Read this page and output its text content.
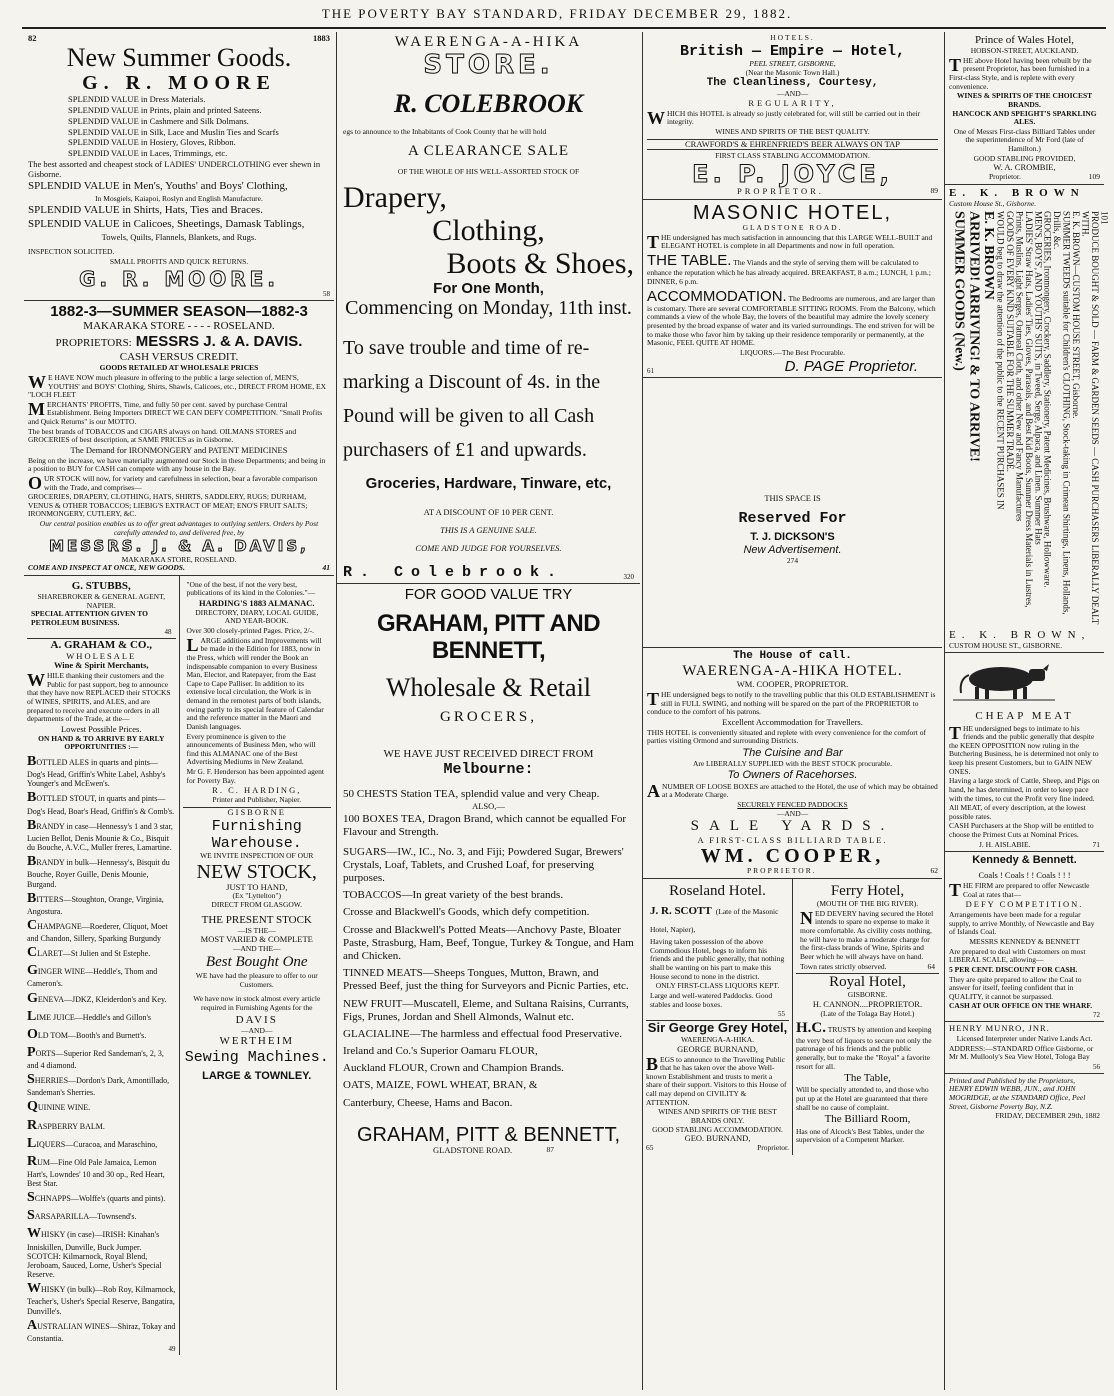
THE POVERTY BAY STANDARD, FRIDAY DECEMBER 29, 1882.
82	1883
New Summer Goods.
G. R. MOORE

SPLENDID VALUE in Dress Materials.

SPLENDID VALUE in Prints, plain and printed Sateens.

SPLENDID VALUE in Cashmere and Silk Dolmans.

SPLENDID VALUE in Silk, Lace and Muslin Ties and Scarfs

SPLENDID VALUE in Hosiery, Gloves, Ribbon.

SPLENDID VALUE in Laces, Trimmings, etc.

The best assorted and cheapest stock of LADIES' UNDERCLOTHING ever shewn in Gisborne.

SPLENDID VALUE in Men's, Youths' and Boys' Clothing,

In Mosgiels, Kaiapoi, Roslyn and English Manufacture.

SPLENDID VALUE in Shirts, Hats, Ties and Braces.

SPLENDID VALUE in Calicoes, Sheetings, Damask Tablings,

Towels, Quilts, Flannels, Blankets, and Rugs.

INSPECTION SOLICITED.

SMALL PROFITS AND QUICK RETURNS.

G. R. MOORE.
58
1882-3—SUMMER SEASON—1882-3
MAKARAKA STORE - - - - ROSELAND.
PROPRIETORS: MESSRS J. & A. DAVIS.
CASH VERSUS CREDIT.
GOODS RETAILED AT WHOLESALE PRICES

WE HAVE NOW much pleasure in offering to the public a large selection of, MEN'S, YOUTHS' and BOYS' Clothing, Shirts, Shawls, Calicoes, etc., DIRECT FROM HOME, EX "LOCH FLEET

MERCHANTS' PROFITS, Time, and fully 50 per cent. saved by purchase Central Establishment. Being Importers DIRECT WE CAN DEFY COMPETITION. "Small Profits and Quick Returns" is our MOTTO.

The best brands of TOBACCOS and CIGARS always on hand. OILMANS STORES and GROCERIES of best description, at SAME PRICES as in Gisborne.

The Demand for IRONMONGERY and PATENT MEDICINES

Being on the increase, we have materially augmented our Stock in these Departments; and being in a position to BUY for CASH can compete with any house in the Bay.

OUR STOCK will now, for variety and carefulness in selection, bear a favorable comparison with the Trade, and comprises—

GROCERIES, DRAPERY, CLOTHING, HATS, SHIRTS, SADDLERY, RUGS; DURHAM, VENUS & OTHER TOBACCOS; LIEBIG'S EXTRACT OF MEAT; ENO'S FRUIT SALTS; IRONMONGERY, CUTLERY, &C.

Our central position enables us to offer great advantages to outlying settlers. Orders by Post carefully attended to, and delivered free, by

MESSRS. J. & A. DAVIS,
MAKARAKA STORE, ROSELAND.
COME AND INSPECT AT ONCE, NEW GOODS.	41
G. STUBBS,
SHAREBROKER & GENERAL AGENT, NAPIER.
SPECIAL ATTENTION GIVEN TO PETROLEUM BUSINESS.
48
A. GRAHAM & CO.,
WHOLESALE
Wine & Spirit Merchants,

WHILE thanking their customers and the Public for past support, beg to announce that they have now REPLACED their STOCKS of WINES, SPIRITS, and ALES, and are prepared to receive and execute orders in all departments of the Trade, at the—

Lowest Possible Prices.
ON HAND & TO ARRIVE BY EARLY OPPORTUNITIES :—
BOTTLED ALES in quarts and pints—Dog's Head, Griffin's White Label, Ashby's Younger's and McEwen's.
BOTTLED STOUT, in quarts and pints—Dog's Head, Boar's Head, Griffin's & Comb's.
BRANDY in case—Hennessy's 1 and 3 star, Lucien Bellot, Denis Mounie & Co., Bisquit du Bouche, A.V.C., Muller freres, Lamartine.
BRANDY in bulk—Hennessy's, Bisquit du Bouche, Royer Guille, Denis Mounie, Burgand.
BITTERS—Stoughton, Orange, Virginia, Angostura.
CHAMPAGNE—Roederer, Cliquot, Moet and Chandon, Sillery, Sparking Burgundy
CLARET—St Julien and St Estephe.
GINGER WINE—Heddle's, Thom and Cameron's.
GENEVA—JDKZ, Kleiderdon's and Key.
LIME JUICE—Heddle's and Gillon's
OLD TOM—Booth's and Burnett's.
PORTS—Superior Red Sandeman's, 2, 3, and 4 diamond.
SHERRIES—Dordon's Dark, Amontillado, Sandeman's Sherries.
QUININE WINE.
RASPBERRY BALM.
LIQUERS—Curacoa, and Maraschino,
RUM—Fine Old Pale Jamaica, Lemon Hart's, Lowndes' 10 and 30 op., Red Heart, Best Star.
SCHNAPPS—Wolffe's (quarts and pints).
SARSAPARILLA—Townsend's.
WHISKY (in case)—IRISH: Kinahan's Inniskillen, Dunville, Buck Jumper. SCOTCH: Kilmarnock, Royal Blend, Jeroboam, Sauced, Lorne, Usher's Special Reserve.
WHISKY (in bulk)—Rob Roy, Kilmarnock, Teacher's, Usher's Special Reserve, Bangatira, Dunville's.
AUSTRALIAN WINES—Shiraz, Tokay and Constantia.
49

"One of the best, if not the very best, publications of its kind in the Colonies."—

HARDING'S 1883 ALMANAC.
DIRECTORY, DIARY, LOCAL GUIDE, AND YEAR-BOOK.

Over 300 closely-printed Pages. Price, 2/-.

LARGE additions and Improvements will be made in the Edition for 1883, now in the Press, which will render the Book an indispensable companion to every Business Man, Elector, and Ratepayer, from the East Cape to Cape Palliser. In addition to its extensive local circulation, the Work is in demand in the remotest parts of both islands, owing partly to its special feature of Calendar and the reference matter in the Maori and Danish languages.

Every prominence is given to the announcements of Business Men, who will find this ALMANAC one of the Best Advertising Mediums in New Zealand.

Mr G. F. Henderson has been appointed agent for Poverty Bay.

R. C. HARDING,
Printer and Publisher, Napier.
GISBORNE
Furnishing Warehouse.
WE INVITE INSPECTION OF OUR
NEW STOCK,
JUST TO HAND,
(Ex "Lyttelton")
DIRECT FROM GLASGOW.
THE PRESENT STOCK
—IS THE—
MOST VARIED & COMPLETE
—AND THE—
Best Bought One

WE have had the pleasure to offer to our Customers.

We have now in stock almost every article required in Furnishing Agents for the

DAVIS
—AND—
WERTHEIM
Sewing Machines.
LARGE & TOWNLEY.
WAERENGA-A-HIKA
STORE.
R. COLEBROOK

egs to announce to the Inhabitants of Cook County that he will hold

A CLEARANCE SALE
OF THE WHOLE OF HIS WELL-ASSORTED STOCK OF
Drapery,
Clothing,
Boots & Shoes,
For One Month,
Commencing on Monday, 11th inst.
To save trouble and time of re-
marking a Discount of 4s. in the
Pound will be given to all Cash
purchasers of £1 and upwards.
Groceries, Hardware, Tinware, etc,
AT A DISCOUNT OF 10 PER CENT.
THIS IS A GENUINE SALE.
COME AND JUDGE FOR YOURSELVES.
R. Colebrook.	320
FOR GOOD VALUE TRY
GRAHAM, PITT AND BENNETT,
Wholesale & Retail
GROCERS,
WE HAVE JUST RECEIVED DIRECT FROM
Melbourne:

50 CHESTS Station TEA, splendid value and very Cheap.

ALSO,—

100 BOXES TEA, Dragon Brand, which cannot be equalled For Flavour and Strength.

SUGARS—IW., IC., No. 3, and Fiji; Powdered Sugar, Brewers' Crystals, Loaf, Tablets, and Crushed Loaf, for preserving purposes.

TOBACCOS—In great variety of the best brands.

Crosse and Blackwell's Goods, which defy competition.

Crosse and Blackwell's Potted Meats—Anchovy Paste, Bloater Paste, Strasburg, Ham, Beef, Tongue, Turkey & Tongue, and Ham and Chicken.

TINNED MEATS—Sheeps Tongues, Mutton, Brawn, and Pressed Beef, just the thing for Surveyors and Picnic Parties, etc.

NEW FRUIT—Muscatell, Eleme, and Sultana Raisins, Currants, Figs, Prunes, Jordan and Shell Almonds, Walnut etc.

GLACIALINE—The harmless and effectual food Preservative.

Ireland and Co.'s Superior Oamaru FLOUR,

Auckland FLOUR, Crown and Champion Brands.

OATS, MAIZE, FOWL WHEAT, BRAN, &

Canterbury, Cheese, Hams and Bacon.

GRAHAM, PITT & BENNETT,
GLADSTONE ROAD.	87
HOTELS.
British — Empire — Hotel,
PEEL STREET, GISBORNE,
(Near the Masonic Town Hall.)
The Cleanliness, Courtesy,
—AND—
REGULARITY,

WHICH this HOTEL is already so justly celebrated for, will still be carried out in their integrity.

WINES AND SPIRITS OF THE BEST QUALITY.
CRAWFORD'S & EHRENFRIED'S BEER ALWAYS ON TAP
FIRST CLASS STABLING ACCOMMODATION.
E. P. JOYCE,
PROPRIETOR.	89
MASONIC HOTEL,
GLADSTONE ROAD.

THE undersigned has much satisfaction in announcing that this LARGE WELL-BUILT and ELEGANT HOTEL is complete in all Departments and now in full operation.

THE TABLE. The Viands and the style of serving them will be calculated to enhance the reputation which he has already acquired. BREAKFAST, 8 a.m.; LUNCH, 1 p.m.; DINNER, 6 p.m.

ACCOMMODATION. The Bedrooms are numerous, and are larger than is customary. There are several COMFORTABLE SITTING ROOMS. From the Balcony, which commands a view of the whole Bay, the lovers of the beautiful may admire the lovely scenery presented by the broad expanse of water and its varied surroundings. The end striven for will be to make those who favor him by taking up their residence temporarily or permanently, at the Masonic, FEEL QUITE AT HOME.

LIQUORS.—The Best Procurable.
61	D. PAGE Proprietor.
THIS SPACE IS
Reserved For
T. J. DICKSON'S
New Advertisement.
274
The House of call.
WAERENGA-A-HIKA HOTEL.
WM. COOPER, PROPRIETOR.

THE undersigned begs to notify to the travelling public that this OLD ESTABLISHMENT is still in FULL SWING, and nothing will be spared on the part of the PROPRIETOR to conduce to the comfort of his patrons.

Excellent Accommodation for Travellers.

THIS HOTEL is conveniently situated and replete with every convenience for the comfort of parties visiting Ormond and surrounding Districts.

The Cuisine and Bar
Are LIBERALLY SUPPLIED with the BEST STOCK procurable.
To Owners of Racehorses.

ANUMBER OF LOOSE BOXES are attached to the Hotel, the use of which may be obtained at a Moderate Charge.

SECURELY FENCED PADDOCKS
—AND—
SALE YARDS.
A FIRST-CLASS BILLIARD TABLE.
WM. COOPER,
PROPRIETOR.	62
Roseland Hotel.

J. R. SCOTT (Late of the Masonic Hotel, Napier),

Having taken possession of the above Commodious Hotel, begs to inform his friends and the public generally, that nothing shall be wanting on his part to make this House second to none in the district.

ONLY FIRST-CLASS LIQUORS KEPT.

Large and well-watered Paddocks. Good stables and loose boxes.

55
Sir George Grey Hotel,
WAERENGA-A-HIKA.
GEORGE BURNAND,

BEGS to announce to the Travelling Public that he has taken over the above Well-known Establishment and trusts to merit a share of their support. Visitors to this House of call may depend on CIVILITY & ATTENTION.

WINES AND SPIRITS OF THE BEST BRANDS ONLY.
GOOD STABLING ACCOMMODATION.
GEO. BURNAND,
65	Proprietor.
Ferry Hotel,
(MOUTH OF THE BIG RIVER).

NED DEVERY having secured the Hotel intends to spare no expense to make it more comfortable. As civility costs nothing, he will have to make a moderate charge for the first-class brands of Wine, Spirits and Beer which he will always have on hand.

Town rates strictly observed.	64
Royal Hotel,
GISBORNE.
H. CANNON....PROPRIETOR.
(Late of the Tolaga Bay Hotel.)

H.C. TRUSTS by attention and keeping the very best of liquors to secure not only the patronage of his friends and the public generally, but to make the "Royal" a favorite resort for all.

The Table,

Will be specially attended to, and those who put up at the Hotel are guaranteed that there shall be no cause of complaint.

The Billiard Room,

Has one of Alcock's Best Tables, under the supervision of a Competent Marker.

Prince of Wales Hotel,
HOBSON-STREET, AUCKLAND.

THE above Hotel having been rebuilt by the present Proprietor, has been furnished in a First-class Style, and is replete with every convenience.

WINES & SPIRITS OF THE CHOICEST BRANDS.
HANCOCK AND SPEIGHT'S SPARKLING ALES.

One of Messrs First-class Billiard Tables under the superintendence of Mr Ford (late of Hamilton.)

GOOD STABLING PROVIDED,
W. A. CROMBIE,
Proprietor.	109
E. K. BROWN
Custom House St., Gisborne.
SUMMER GOODS (New.) ARRIVED! ARRIVING! & TO ARRIVE! E. K. BROWN WOULD beg to draw the attention of the public to the RECENT PURCHASES IN GOODS OF EVERY KIND SUITABLE FOR THE SUMMER TRADE. LADIES' Straw Hats, Ladies' Ties, Gloves, Parasols, and Best Kid Boots, Summer Dress Materials in Lustres, Prints, Muslins, Light Serges, Oatmeal Cloth, and other New and Fancy Manufactures MEN'S, BOYS', AND YOUTHS' SUITS, in Tweed, Serge, Alpaca, and Linen. Summer Hats GROCERIES, Ironmongery, Crockery, Saddlery, Stationery, Patent Medicines, Brushware, Hollowware. SUMMER TWEEDS suitable for Children's CLOTHING, Stock-taking in Crimean Shirtings, Linens, Hollands, Drills, &c. E. K. BROWN—CUSTOM HOUSE STREET, Gisborne. PRODUCE BOUGHT & SOLD — FARM & GARDEN SEEDS — CASH PURCHASERS LIBERALLY DEALT WITH. 101
E. K. BROWN,
CUSTOM HOUSE ST., GISBORNE.
CHEAP MEAT

THE undersigned begs to intimate to his friends and the public generally that despite the KEEN OPPOSITION now ruling in the Butchering Business, he is determined not only to keep his present Customers, but to GAIN NEW ONES.

Having a large stock of Cattle, Sheep, and Pigs on hand, he has determined, in order to keep pace with the times, to cut the Profit very fine indeed.

All MEAT, of every description, at the lowest possible rates.

CASH Purchasers at the Shop will be entitled to choose the Primest Cuts at Nominal Prices.

J. H. AISLABIE.	71
Kennedy & Bennett.
Coals ! Coals ! ! Coals ! ! !

THE FIRM are prepared to offer Newcastle Coal at rates that—

DEFY COMPETITION.

Arrangements have been made for a regular supply, to arrive Monthly, of Newcastle and Bay of Islands Coal.

MESSRS KENNEDY & BENNETT

Are prepared to deal with Customers on most LIBERAL SCALE, allowing—

5 PER CENT. DISCOUNT FOR CASH.

They are quite prepared to allow the Coal to answer for itself, feeling confident that in QUALITY, it cannot be surpassed.

CASH AT OUR OFFICE ON THE WHARF.
72
HENRY MUNRO, JNR.

Licensed Interpreter under Native Lands Act.

ADDRESS:—STANDARD Office Gisborne, or Mr M. Mullooly's Sea View Hotel, Tologa Bay

56

Printed and Published by the Proprietors, HENRY EDWIN WEBB, JUN., and JOHN MOGRIDGE, at the STANDARD Office, Peel Street, Gisborne Poverty Bay, N.Z.

FRIDAY, DECEMBER 29th, 1882
